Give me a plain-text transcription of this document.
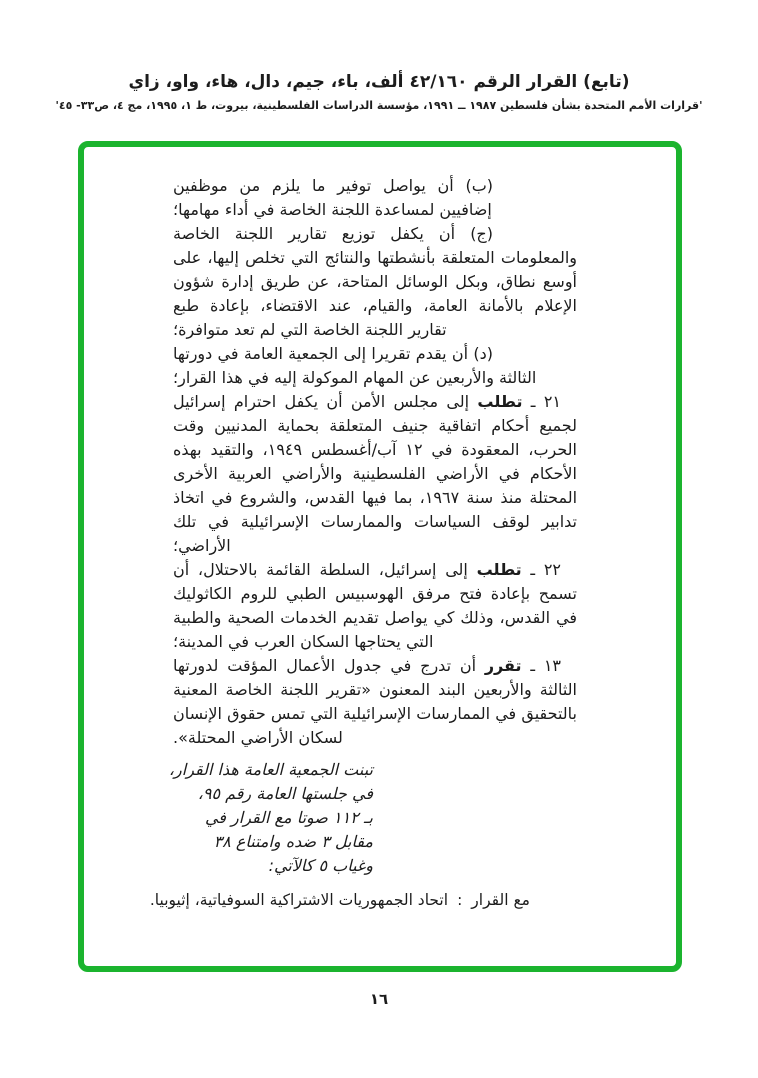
(تابع) القرار الرقم ٤٢/١٦٠ ألف، باء، جيم، دال، هاء، واو، زاي
'قرارات الأمم المتحدة بشأن فلسطين ١٩٨٧ ــ ١٩٩١، مؤسسة الدراسات الفلسطينية، بيروت، ط ١، ١٩٩٥، مج ٤، ص٣٣- ٤٥'

(ب) أن يواصل توفير ما يلزم من موظفين إضافيين لمساعدة اللجنة الخاصة في أداء مهامها؛

(ج) أن يكفل توزيع تقارير اللجنة الخاصة والمعلومات المتعلقة بأنشطتها والنتائج التي تخلص إليها، على أوسع نطاق، وبكل الوسائل المتاحة، عن طريق إدارة شؤون الإعلام بالأمانة العامة، والقيام، عند الاقتضاء، بإعادة طبع تقارير اللجنة الخاصة التي لم تعد متوافرة؛

(د) أن يقدم تقريرا إلى الجمعية العامة في دورتها الثالثة والأربعين عن المهام الموكولة إليه في هذا القرار؛

٢١ ـ تطلب إلى مجلس الأمن أن يكفل احترام إسرائيل لجميع أحكام اتفاقية جنيف المتعلقة بحماية المدنيين وقت الحرب، المعقودة في ١٢ آب/أغسطس ١٩٤٩، والتقيد بهذه الأحكام في الأراضي الفلسطينية والأراضي العربية الأخرى المحتلة منذ سنة ١٩٦٧، بما فيها القدس، والشروع في اتخاذ تدابير لوقف السياسات والممارسات الإسرائيلية في تلك الأراضي؛

٢٢ ـ تطلب إلى إسرائيل، السلطة القائمة بالاحتلال، أن تسمح بإعادة فتح مرفق الهوسبيس الطبي للروم الكاثوليك في القدس، وذلك كي يواصل تقديم الخدمات الصحية والطبية التي يحتاجها السكان العرب في المدينة؛

١٣ ـ تقرر أن تدرج في جدول الأعمال المؤقت لدورتها الثالثة والأربعين البند المعنون «تقرير اللجنة الخاصة المعنية بالتحقيق في الممارسات الإسرائيلية التي تمس حقوق الإنسان لسكان الأراضي المحتلة».

تبنت الجمعية العامة هذا القرار،
في جلستها العامة رقم ٩٥،
بـ ١١٢ صوتا مع القرار في
مقابل ٣ ضده وامتناع ٣٨
وغياب ٥ كالآتي:
مع القرار:اتحاد الجمهوريات الاشتراكية السوفياتية، إثيوبيا.
١٦
